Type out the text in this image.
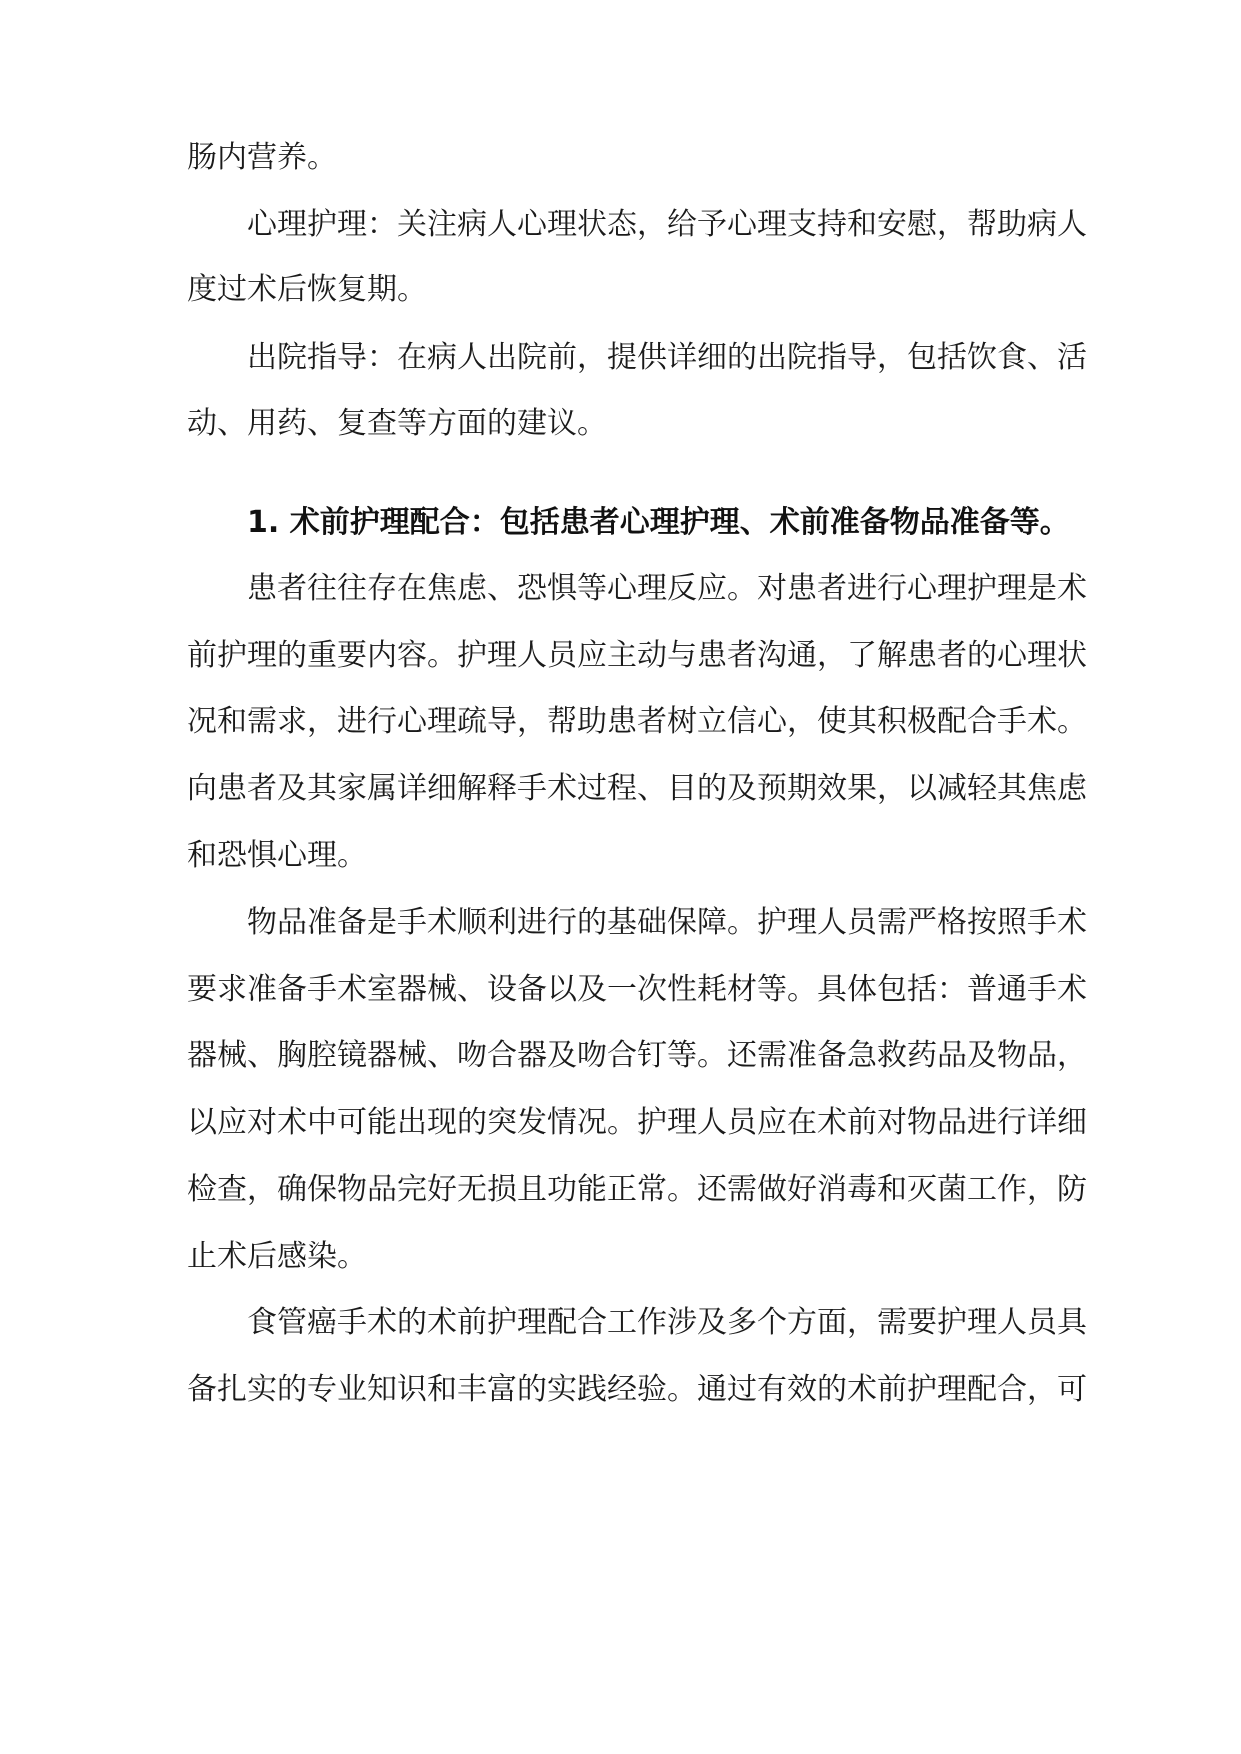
肠内营养。

心理护理：关注病人心理状态，给予心理支持和安慰，帮助病人

度过术后恢复期。

出院指导：在病人出院前，提供详细的出院指导，包括饮食、活

动、用药、复查等方面的建议。

1. 术前护理配合：包括患者心理护理、术前准备物品准备等。

患者往往存在焦虑、恐惧等心理反应。对患者进行心理护理是术

前护理的重要内容。护理人员应主动与患者沟通，了解患者的心理状

况和需求，进行心理疏导，帮助患者树立信心，使其积极配合手术。

向患者及其家属详细解释手术过程、目的及预期效果，以减轻其焦虑

和恐惧心理。

物品准备是手术顺利进行的基础保障。护理人员需严格按照手术

要求准备手术室器械、设备以及一次性耗材等。具体包括：普通手术

器械、胸腔镜器械、吻合器及吻合钉等。还需准备急救药品及物品，

以应对术中可能出现的突发情况。护理人员应在术前对物品进行详细

检查，确保物品完好无损且功能正常。还需做好消毒和灭菌工作，防

止术后感染。

食管癌手术的术前护理配合工作涉及多个方面，需要护理人员具

备扎实的专业知识和丰富的实践经验。通过有效的术前护理配合，可
